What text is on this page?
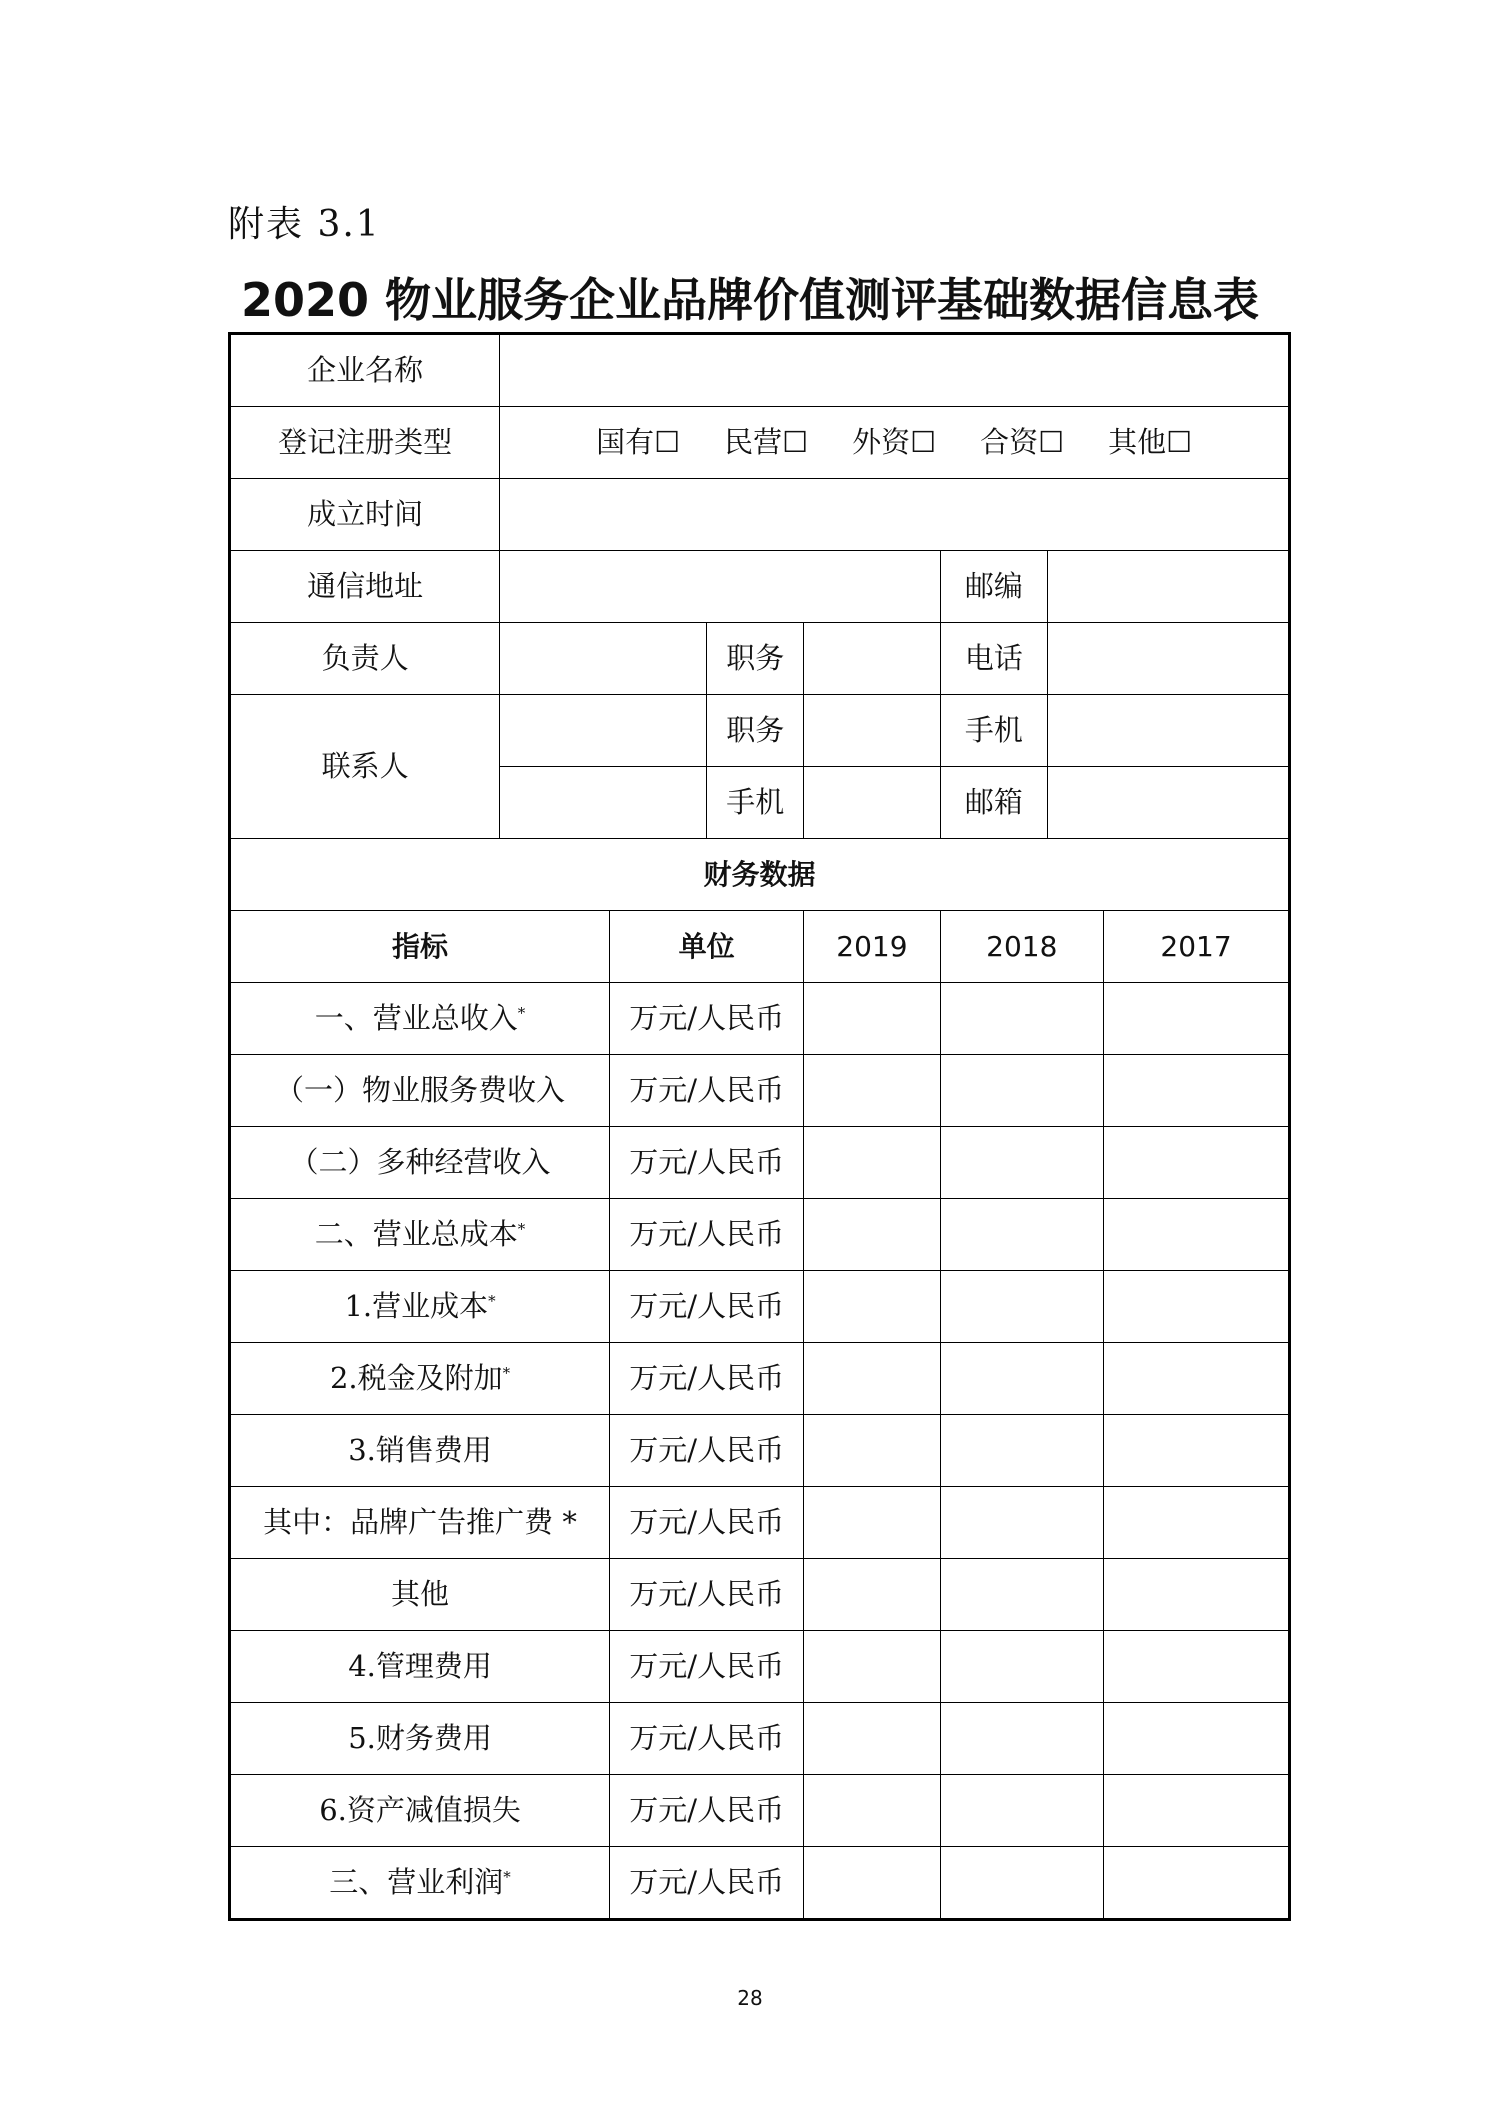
附表 3.1
2020 物业服务企业品牌价值测评基础数据信息表
企业名称							
登记注册类型	国有☐ 民营☐ 外资☐ 合资☐ 其他☐						
成立时间							
通信地址					邮编		
负责人			职务		电话		
联系人			职务		手机		
			手机		邮箱		
财务数据							
指标		单位		2019	2018		2017
一、营业总收入*		万元/人民币					
（一）物业服务费收入		万元/人民币					
（二）多种经营收入		万元/人民币					
二、营业总成本*		万元/人民币					
1.营业成本*		万元/人民币					
2.税金及附加*		万元/人民币					
3.销售费用		万元/人民币					
其中：品牌广告推广费 *		万元/人民币					
其他		万元/人民币					
4.管理费用		万元/人民币					
5.财务费用		万元/人民币					
6.资产减值损失		万元/人民币					
三、营业利润*		万元/人民币					
28
